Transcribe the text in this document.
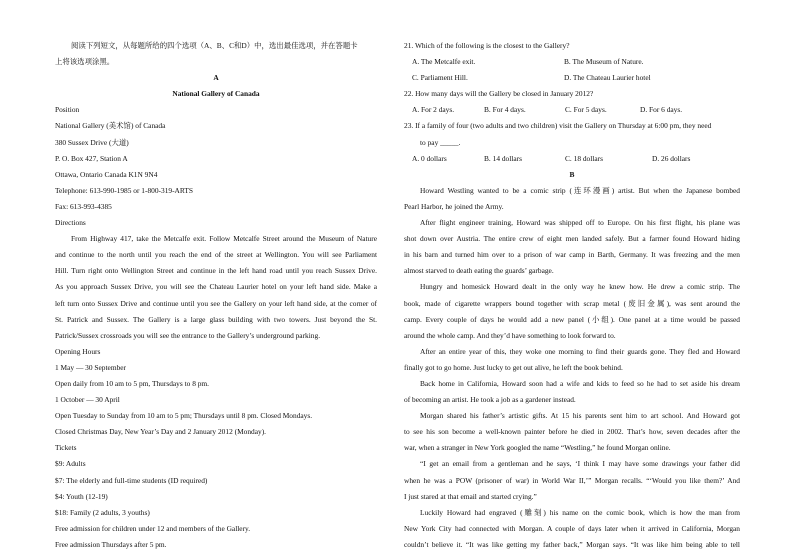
阅读下列短文，从每题所给的四个选项（A、B、C和D）中，选出最佳选项，并在答题卡
上将该选项涂黑。
A
National Gallery of Canada
Position
National Gallery (美术馆) of Canada
380 Sussex Drive (大道)
P. O. Box 427, Station A
Ottawa, Ontario Canada K1N 9N4
Telephone: 613-990-1985 or 1-800-319-ARTS
Fax: 613-993-4385
Directions
From Highway 417, take the Metcalfe exit. Follow Metcalfe Street around the Museum of Nature
and continue to the north until you reach the end of the street at Wellington. You will see Parliament
Hill. Turn right onto Wellington Street and continue in the left hand road until you reach Sussex Drive.
As you approach Sussex Drive, you will see the Chateau Laurier hotel on your left hand side. Make a
left turn onto Sussex Drive and continue until you see the Gallery on your left hand side, at the corner of
St. Patrick and Sussex. The Gallery is a large glass building with two towers. Just beyond the St.
Patrick/Sussex crossroads you will see the entrance to the Gallery’s underground parking.
Opening Hours
1 May — 30 September
Open daily from 10 am to 5 pm, Thursdays to 8 pm.
1 October — 30 April
Open Tuesday to Sunday from 10 am to 5 pm; Thursdays until 8 pm. Closed Mondays.
Closed Christmas Day, New Year’s Day and 2 January 2012 (Monday).
Tickets
$9: Adults
$7: The elderly and full-time students (ID required)
$4: Youth (12-19)
$18: Family (2 adults, 3 youths)
Free admission for children under 12 and members of the Gallery.
Free admission Thursdays after 5 pm.
21. Which of the following is the closest to the Gallery?
A. The Metcalfe exit.	B. The Museum of Nature.
C. Parliament Hill.	D. The Chateau Laurier hotel
22. How many days will the Gallery be closed in January 2012?
A. For 2 days.	B. For 4 days.	C. For 5 days.	D. For 6 days.
23. If a family of four (two adults and two children) visit the Gallery on Thursday at 6:00 pm, they need
to pay _____.
A. 0 dollars	B. 14 dollars	C. 18 dollars	D. 26 dollars
B
Howard Westling wanted to be a comic strip (连环漫画) artist. But when the Japanese bombed
Pearl Harbor, he joined the Army.
After flight engineer training, Howard was shipped off to Europe. On his first flight, his plane was
shot down over Austria. The entire crew of eight men landed safely. But a farmer found Howard hiding
in his barn and turned him over to a prison of war camp in Barth, Germany. It was freezing and the men
almost starved to death eating the guards’ garbage.
Hungry and homesick Howard dealt in the only way he knew how. He drew a comic strip. The
book, made of cigarette wrappers bound together with scrap metal (废旧金属), was sent around the
camp. Every couple of days he would add a new panel (小组). One panel at a time would be passed
around the whole camp. And they’d have something to look forward to.
After an entire year of this, they woke one morning to find their guards gone. They fled and Howard
finally got to go home. Just lucky to get out alive, he left the book behind.
Back home in California, Howard soon had a wife and kids to feed so he had to set aside his dream
of becoming an artist. He took a job as a gardener instead.
Morgan shared his father’s artistic gifts. At 15 his parents sent him to art school. And Howard got
to see his son become a well-known painter before he died in 2002. That’s how, seven decades after the
war, when a stranger in New York googled the name “Westling,” he found Morgan online.
“I get an email from a gentleman and he says, ‘I think I may have some drawings your father did
when he was a POW (prisoner of war) in World War II,’” Morgan recalls. “‘Would you like them?’ And
I just stared at that email and started crying.”
Luckily Howard had engraved (雕刻) his name on the comic book, which is how the man from
New York City had connected with Morgan. A couple of days later when it arrived in California, Morgan
couldn’t believe it. “It was like getting my father back,” Morgan says. “It was like him being able to tell
